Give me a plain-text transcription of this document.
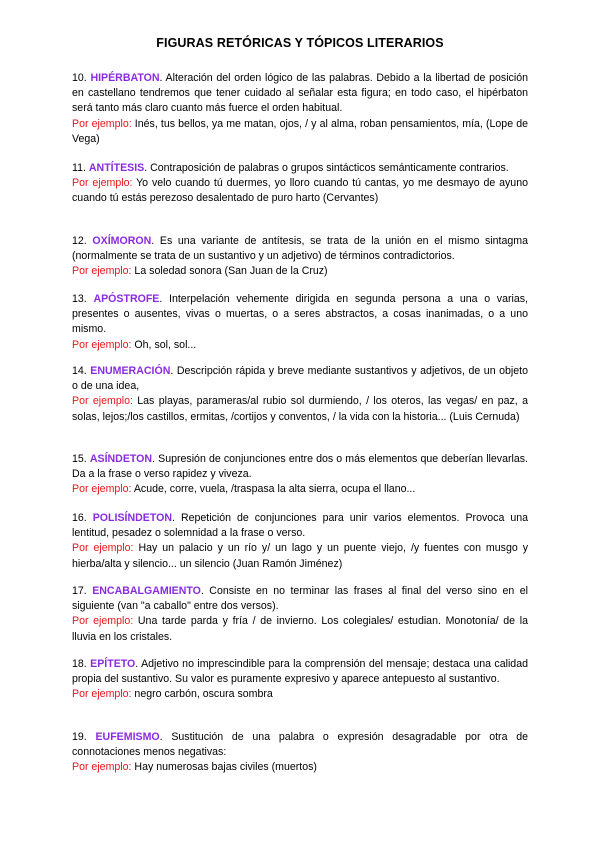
FIGURAS RETÓRICAS Y TÓPICOS LITERARIOS

10. HIPÉRBATON. Alteración del orden lógico de las palabras. Debido a la libertad de posición en castellano tendremos que tener cuidado al señalar esta figura; en todo caso, el hipérbaton será tanto más claro cuanto más fuerce el orden habitual.

Por ejemplo: Inés, tus bellos, ya me matan, ojos, / y al alma, roban pensamientos, mía, (Lope de Vega)

11. ANTÍTESIS. Contraposición de palabras o grupos sintácticos semánticamente contrarios.

Por ejemplo: Yo velo cuando tú duermes, yo lloro cuando tú cantas, yo me desmayo de ayuno cuando tú estás perezoso desalentado de puro harto (Cervantes)

12. OXÍMORON. Es una variante de antítesis, se trata de la unión en el mismo sintagma (normalmente se trata de un sustantivo y un adjetivo) de términos contradictorios.

Por ejemplo: La soledad sonora (San Juan de la Cruz)

13. APÓSTROFE. Interpelación vehemente dirigida en segunda persona a una o varias, presentes o ausentes, vivas o muertas, o a seres abstractos, a cosas inanimadas, o a uno mismo.

Por ejemplo: Oh, sol, sol...

14. ENUMERACIÓN. Descripción rápida y breve mediante sustantivos y adjetivos, de un objeto o de una idea,

Por ejemplo: Las playas, parameras/al rubio sol durmiendo, / los oteros, las vegas/ en paz, a solas, lejos;/los castillos, ermitas, /cortijos y conventos, / la vida con la historia... (Luis Cernuda)

15. ASÍNDETON. Supresión de conjunciones entre dos o más elementos que deberían llevarlas. Da a la frase o verso rapidez y viveza.

Por ejemplo: Acude, corre, vuela, /traspasa la alta sierra, ocupa el llano...

16. POLISÍNDETON. Repetición de conjunciones para unir varios elementos. Provoca una lentitud, pesadez o solemnidad a la frase o verso.

Por ejemplo: Hay un palacio y un río y/ un lago y un puente viejo, /y fuentes con musgo y hierba/alta y silencio... un silencio (Juan Ramón Jiménez)

17. ENCABALGAMIENTO. Consiste en no terminar las frases al final del verso sino en el siguiente (van "a caballo" entre dos versos).

Por ejemplo: Una tarde parda y fría / de invierno. Los colegiales/ estudian. Monotonía/ de la lluvia en los cristales.

18. EPÍTETO. Adjetivo no imprescindible para la comprensión del mensaje; destaca una calidad propia del sustantivo. Su valor es puramente expresivo y aparece antepuesto al sustantivo.

Por ejemplo: negro carbón, oscura sombra

19. EUFEMISMO. Sustitución de una palabra o expresión desagradable por otra de connotaciones menos negativas:

Por ejemplo: Hay numerosas bajas civiles (muertos)
